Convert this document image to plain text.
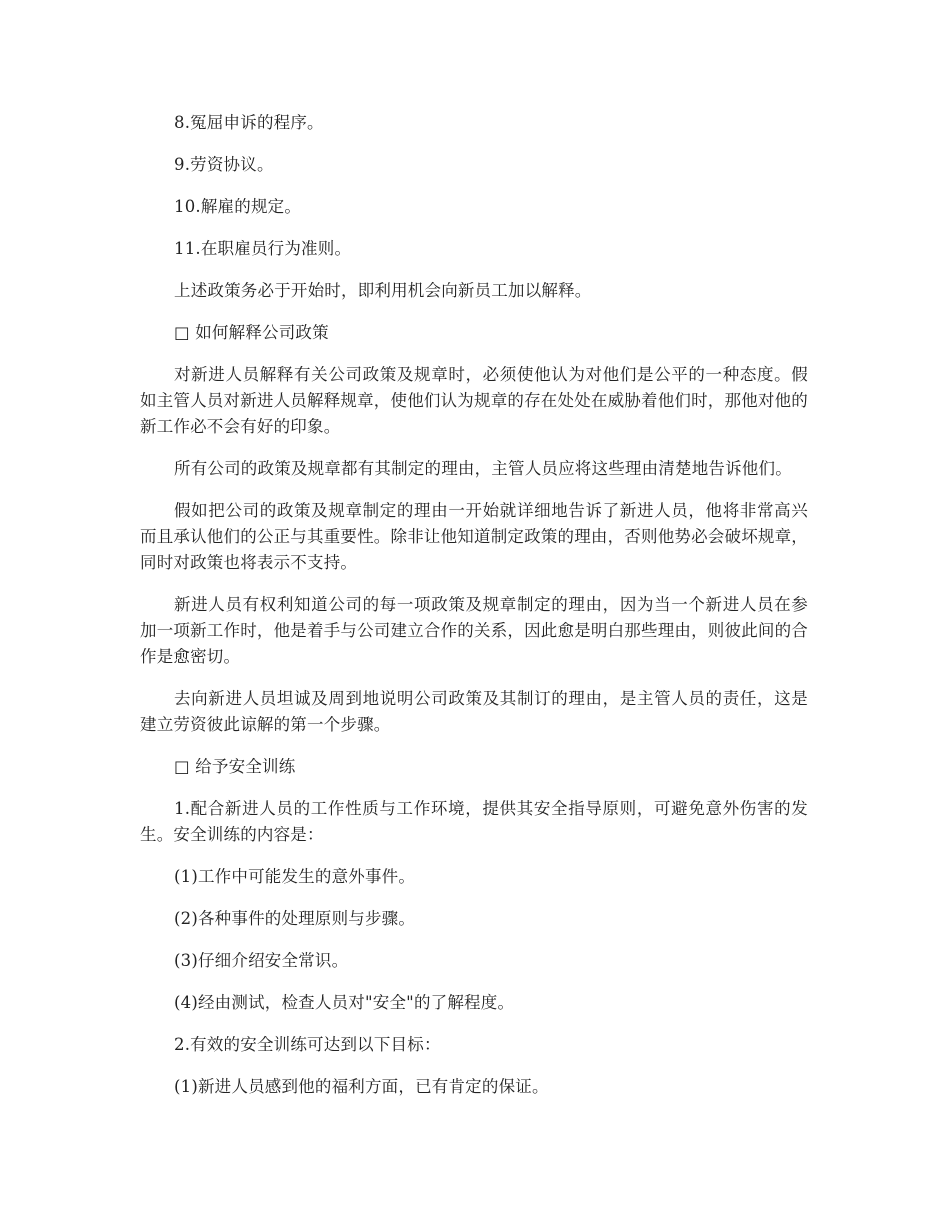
8.冤屈申诉的程序。

9.劳资协议。

10.解雇的规定。

11.在职雇员行为准则。

上述政策务必于开始时，即利用机会向新员工加以解释。

□ 如何解释公司政策

对新进人员解释有关公司政策及规章时，必须使他认为对他们是公平的一种态度。假如主管人员对新进人员解释规章，使他们认为规章的存在处处在威胁着他们时，那他对他的新工作必不会有好的印象。

所有公司的政策及规章都有其制定的理由，主管人员应将这些理由清楚地告诉他们。

假如把公司的政策及规章制定的理由一开始就详细地告诉了新进人员，他将非常高兴而且承认他们的公正与其重要性。除非让他知道制定政策的理由，否则他势必会破坏规章，同时对政策也将表示不支持。

新进人员有权利知道公司的每一项政策及规章制定的理由，因为当一个新进人员在参加一项新工作时，他是着手与公司建立合作的关系，因此愈是明白那些理由，则彼此间的合作是愈密切。

去向新进人员坦诚及周到地说明公司政策及其制订的理由，是主管人员的责任，这是建立劳资彼此谅解的第一个步骤。

□ 给予安全训练

1.配合新进人员的工作性质与工作环境，提供其安全指导原则，可避免意外伤害的发生。安全训练的内容是：

(1)工作中可能发生的意外事件。

(2)各种事件的处理原则与步骤。

(3)仔细介绍安全常识。

(4)经由测试，检查人员对"安全"的了解程度。

2.有效的安全训练可达到以下目标：

(1)新进人员感到他的福利方面，已有肯定的保证。
